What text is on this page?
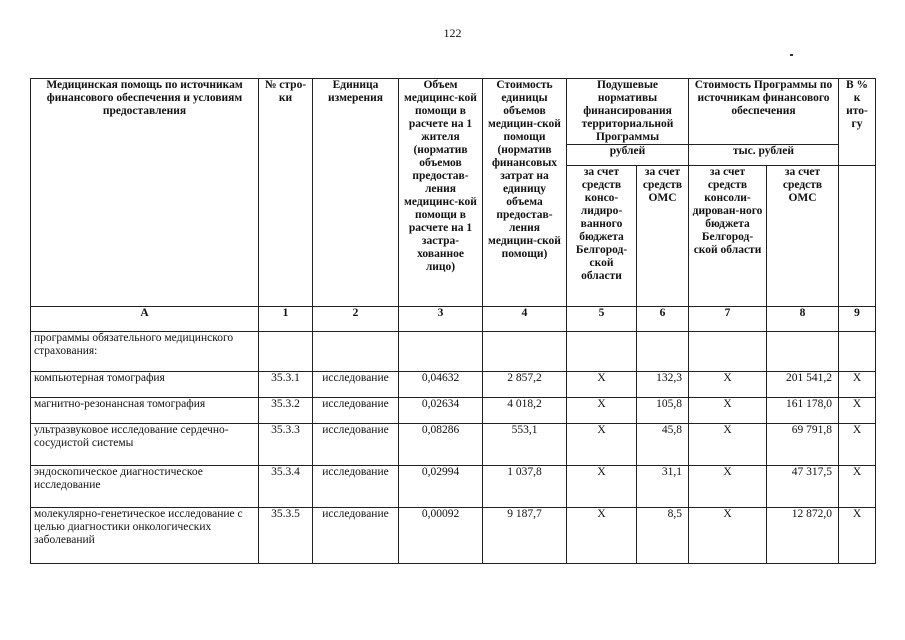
122
Медицинская помощь по источникам финансового обеспечения и условиям предоставления	№ стро-ки	Единица измерения	Объем медицинс-кой помощи в расчете на 1 жителя (норматив объемов предостав-ления медицинс-кой помощи в расчете на 1 застра-хованное лицо)	Стоимость единицы объемов медицин-ской помощи (норматив финансовых затрат на единицу объема предостав-ления медицин-ской помощи)	Подушевые нормативы финансирования территориальной Программы		Стоимость Программы по источникам финансового обеспечения		В % к ито-гу
					рублей		тыс. рублей		
					за счет средств консо-лидиро-ванного бюджета Белгород-ской области	за счет средств ОМС	за счет средств консоли-дирован-ного бюджета Белгород-ской области	за счет средств ОМС	
А	1	2	3	4	5	6	7	8	9
программы обязательного медицинского страхования:									
компьютерная томография	35.3.1	исследование	0,04632	2 857,2	Х	132,3	Х	201 541,2	Х
магнитно-резонансная томография	35.3.2	исследование	0,02634	4 018,2	Х	105,8	Х	161 178,0	Х
ультразвуковое исследование сердечно-сосудистой системы	35.3.3	исследование	0,08286	553,1	Х	45,8	Х	69 791,8	Х
эндоскопическое диагностическое исследование	35.3.4	исследование	0,02994	1 037,8	Х	31,1	Х	47 317,5	Х
молекулярно-генетическое исследование с целью диагностики онкологических заболеваний	35.3.5	исследование	0,00092	9 187,7	Х	8,5	Х	12 872,0	Х
